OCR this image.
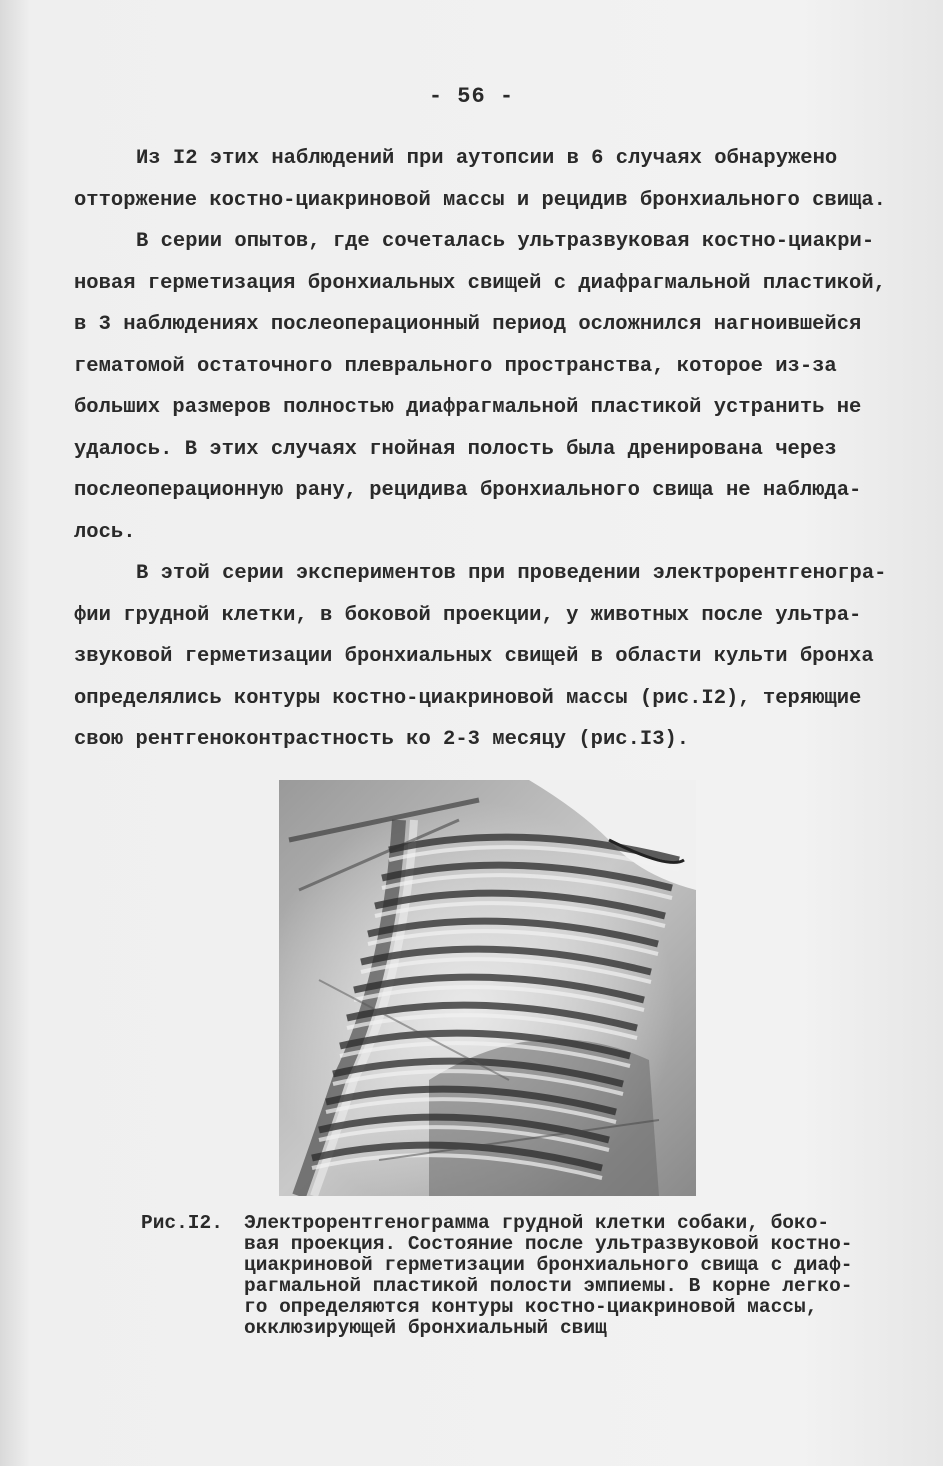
- 56 -
Из I2 этих наблюдений при аутопсии в 6 случаях обнаружено
отторжение костно-циакриновой массы и рецидив бронхиального свища.
В серии опытов, где сочеталась ультразвуковая костно-циакри-
новая герметизация бронхиальных свищей с диафрагмальной пластикой,
в 3 наблюдениях послеоперационный период осложнился нагноившейся
гематомой остаточного плеврального пространства, которое из-за
больших размеров полностью диафрагмальной пластикой устранить не
удалось. В этих случаях гнойная полость была дренирована через
послеоперационную рану, рецидива бронхиального свища не наблюда-
лось.
В этой серии экспериментов при проведении электрорентгеногра-
фии грудной клетки, в боковой проекции, у животных после ультра-
звуковой герметизации бронхиальных свищей в области культи бронха
определялись контуры костно-циакриновой массы (рис.I2), теряющие
свою рентгеноконтрастность ко 2-3 месяцу (рис.I3).
Рис.I2.	Электрорентгенограмма грудной клетки собаки, боко-
вая проекция. Состояние после ультразвуковой костно-
циакриновой герметизации бронхиального свища с диаф-
рагмальной пластикой полости эмпиемы. В корне легко-
го определяются контуры костно-циакриновой массы,
окклюзирующей бронхиальный свищ
